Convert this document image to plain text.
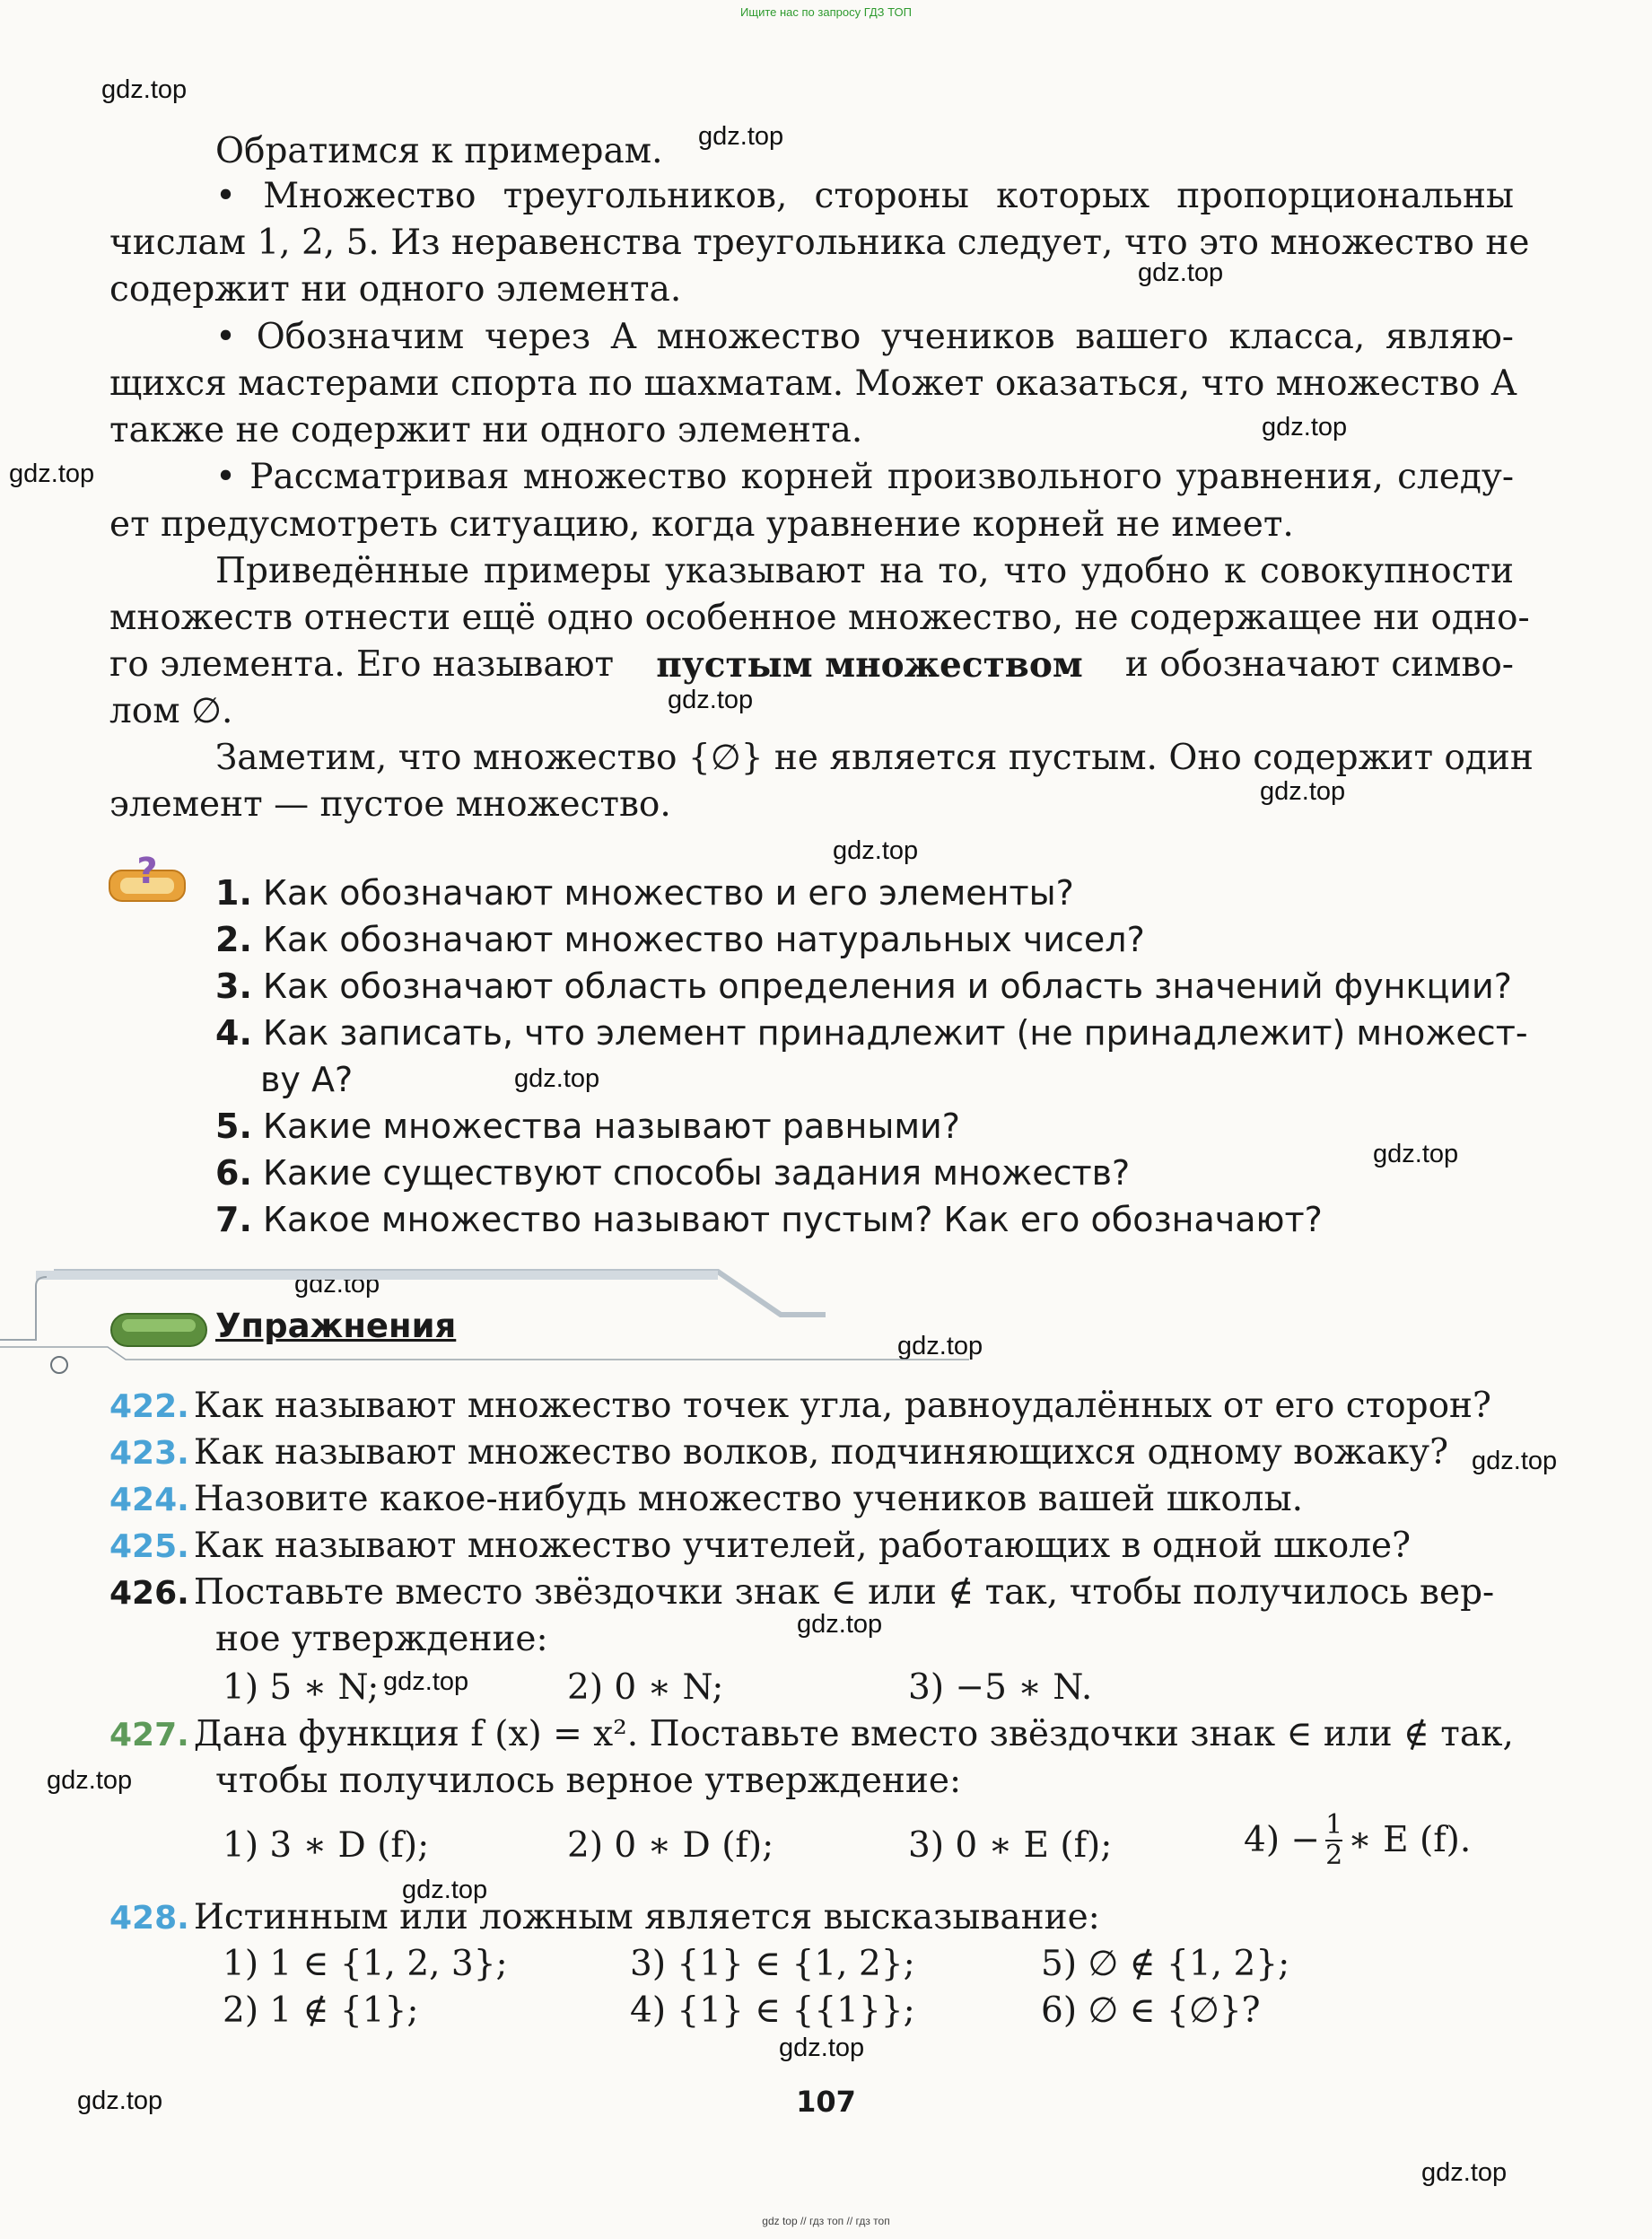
Ищите нас по запросу ГДЗ ТОП
gdz.top
gdz.top
gdz.top
gdz.top
gdz.top
gdz.top
gdz.top
gdz.top
gdz.top
gdz.top
gdz.top
gdz.top
gdz.top
gdz.top
gdz.top
gdz.top
gdz.top
gdz.top
gdz.top
gdz.top
Обратимся к примерам.
• Множество треугольников, стороны которых пропорциональны
числам 1, 2, 5. Из неравенства треугольника следует, что это множество не
содержит ни одного элемента.
• Обозначим через A множество учеников вашего класса, являю-
щихся мастерами спорта по шахматам. Может оказаться, что множество A
также не содержит ни одного элемента.
• Рассматривая множество корней произвольного уравнения, следу-
ет предусмотреть ситуацию, когда уравнение корней не имеет.
Приведённые примеры указывают на то, что удобно к совокупности
множеств отнести ещё одно особенное множество, не содержащее ни одно-
го элемента. Его называют пустым множеством и обозначают симво-
лом ∅.
Заметим, что множество {∅} не является пустым. Оно содержит один
элемент — пустое множество.
?
1. Как обозначают множество и его элементы?
2. Как обозначают множество натуральных чисел?
3. Как обозначают область определения и область значений функции?
4. Как записать, что элемент принадлежит (не принадлежит) множест-
ву A?
5. Какие множества называют равными?
6. Какие существуют способы задания множеств?
7. Какое множество называют пустым? Как его обозначают?
Упражнения
422. Как называют множество точек угла, равноудалённых от его сторон?
423. Как называют множество волков, подчиняющихся одному вожаку?
424. Назовите какое-нибудь множество учеников вашей школы.
425. Как называют множество учителей, работающих в одной школе?
426. Поставьте вместо звёздочки знак ∈ или ∉ так, чтобы получилось вер-
ное утверждение:
1) 5 ∗ N;	2) 0 ∗ N;	3) −5 ∗ N.
427. Дана функция f (x) = x². Поставьте вместо звёздочки знак ∈ или ∉ так,
чтобы получилось верное утверждение:
1) 3 ∗ D (f);	2) 0 ∗ D (f);	3) 0 ∗ E (f);	$4) - \frac{1}{2}$ ∗ E (f).
428. Истинным или ложным является высказывание:
1) 1 ∈ {1, 2, 3};	3) {1} ∈ {1, 2};	5) ∅ ∉ {1, 2};
2) 1 ∉ {1};	4) {1} ∈ {{1}};	6) ∅ ∈ {∅}?
107
gdz top // гдз топ // гдз топ
